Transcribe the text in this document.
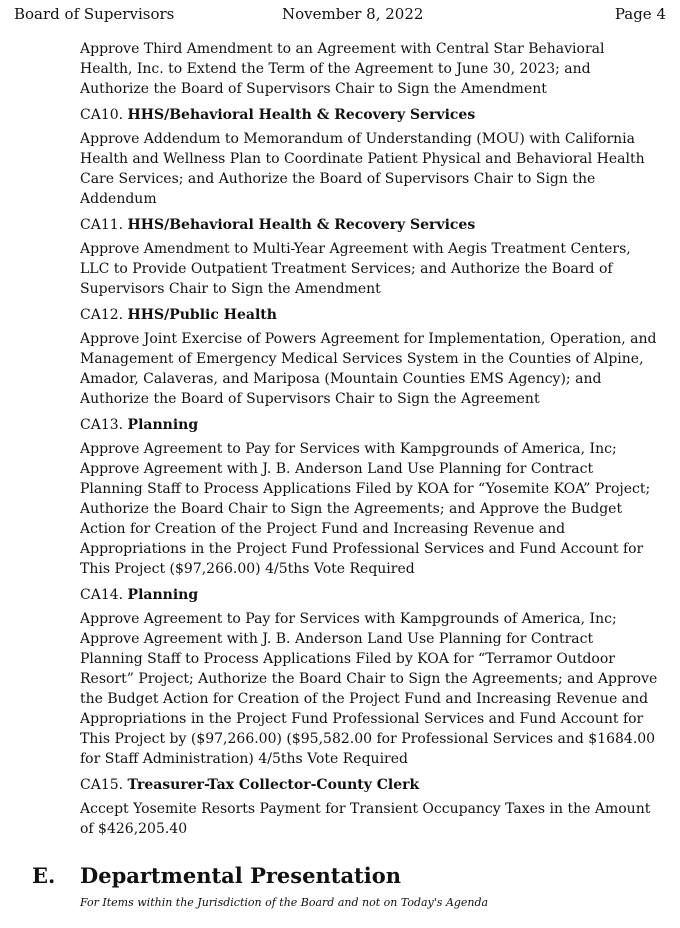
Board of Supervisors	November 8, 2022	Page 4

Approve Third Amendment to an Agreement with Central Star Behavioral Health, Inc. to Extend the Term of the Agreement to June 30, 2023; and Authorize the Board of Supervisors Chair to Sign the Amendment

CA10. HHS/Behavioral Health & Recovery Services

Approve Addendum to Memorandum of Understanding (MOU) with California Health and Wellness Plan to Coordinate Patient Physical and Behavioral Health Care Services; and Authorize the Board of Supervisors Chair to Sign the Addendum

CA11. HHS/Behavioral Health & Recovery Services

Approve Amendment to Multi-Year Agreement with Aegis Treatment Centers, LLC to Provide Outpatient Treatment Services; and Authorize the Board of Supervisors Chair to Sign the Amendment

CA12. HHS/Public Health

Approve Joint Exercise of Powers Agreement for Implementation, Operation, and Management of Emergency Medical Services System in the Counties of Alpine, Amador, Calaveras, and Mariposa (Mountain Counties EMS Agency); and Authorize the Board of Supervisors Chair to Sign the Agreement

CA13. Planning

Approve Agreement to Pay for Services with Kampgrounds of America, Inc; Approve Agreement with J. B. Anderson Land Use Planning for Contract Planning Staff to Process Applications Filed by KOA for “Yosemite KOA” Project; Authorize the Board Chair to Sign the Agreements; and Approve the Budget Action for Creation of the Project Fund and Increasing Revenue and Appropriations in the Project Fund Professional Services and Fund Account for This Project ($97,266.00) 4/5ths Vote Required

CA14. Planning

Approve Agreement to Pay for Services with Kampgrounds of America, Inc; Approve Agreement with J. B. Anderson Land Use Planning for Contract Planning Staff to Process Applications Filed by KOA for “Terramor Outdoor Resort” Project; Authorize the Board Chair to Sign the Agreements; and Approve the Budget Action for Creation of the Project Fund and Increasing Revenue and Appropriations in the Project Fund Professional Services and Fund Account for This Project by ($97,266.00) ($95,582.00 for Professional Services and $1684.00 for Staff Administration) 4/5ths Vote Required

CA15. Treasurer-Tax Collector-County Clerk

Accept Yosemite Resorts Payment for Transient Occupancy Taxes in the Amount of $426,205.40

E. Departmental Presentation
For Items within the Jurisdiction of the Board and not on Today's Agenda
